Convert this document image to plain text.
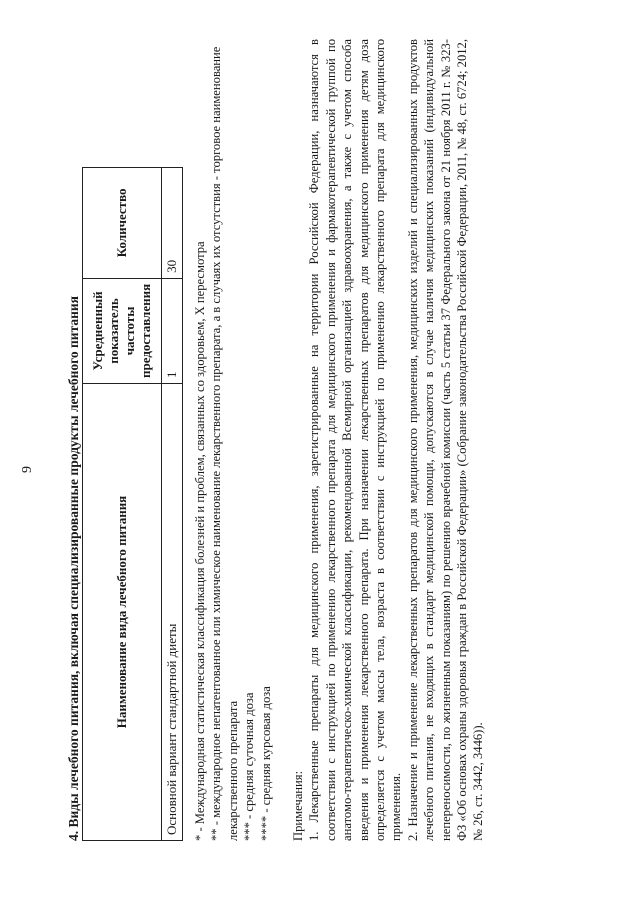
9 4. Виды лечебного питания, включая специализированные продукты лечебного питания	Наименование вида лечебного питания	Усредненный показатель частоты предоставления	Количество
Основной вариант стандартной диеты	1	30 * - Международная статистическая классификация болезней и проблем, связанных со здоровьем, X пересмотра ** - международное непатентованное или химическое наименование лекарственного препарата, а в случаях их отсутствия - торговое наименование лекарственного препарата *** - средняя суточная доза **** - средняя курсовая доза Примечания: 1. Лекарственные препараты для медицинского применения, зарегистрированные на территории Российской Федерации, назначаются в соответствии с инструкцией по применению лекарственного препарата для медицинского применения и фармакотерапевтической группой по анатомо-терапевтическо-химической классификации, рекомендованной Всемирной организацией здравоохранения, а также с учетом способа введения и применения лекарственного препарата. При назначении лекарственных препаратов для медицинского применения детям доза определяется с учетом массы тела, возраста в соответствии с инструкцией по применению лекарственного препарата для медицинского применения. 2. Назначение и применение лекарственных препаратов для медицинского применения, медицинских изделий и специализированных продуктов лечебного питания, не входящих в стандарт медицинской помощи, допускаются в случае наличия медицинских показаний (индивидуальной непереносимости, по жизненным показаниям) по решению врачебной комиссии (часть 5 статьи 37 Федерального закона от 21 ноября 2011 г. № 323-ФЗ «Об основах охраны здоровья граждан в Российской Федерации» (Собрание законодательства Российской Федерации, 2011, № 48, ст. 6724; 2012, № 26, ст. 3442, 3446)).
